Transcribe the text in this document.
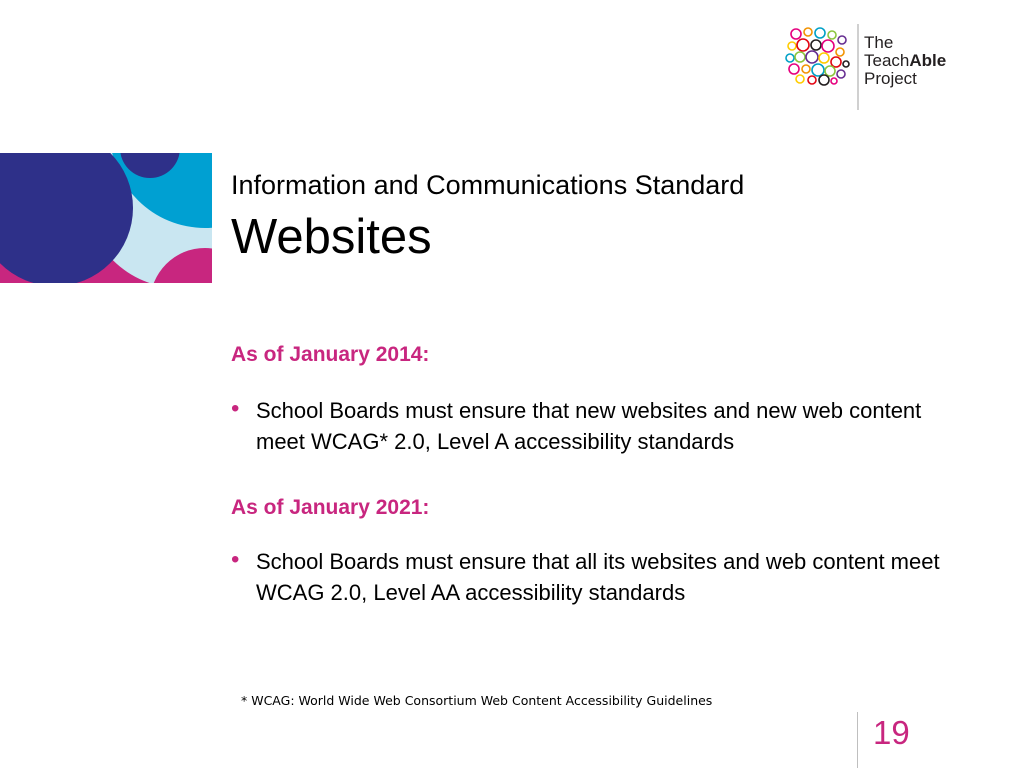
The
TeachAble
Project
Information and Communications Standard
Websites
As of January 2014:
• School Boards must ensure that new websites and new web content meet WCAG* 2.0, Level A accessibility standards
As of January 2021:
• School Boards must ensure that all its websites and web content meet WCAG 2.0, Level AA accessibility standards
* WCAG: World Wide Web Consortium Web Content Accessibility Guidelines
19
